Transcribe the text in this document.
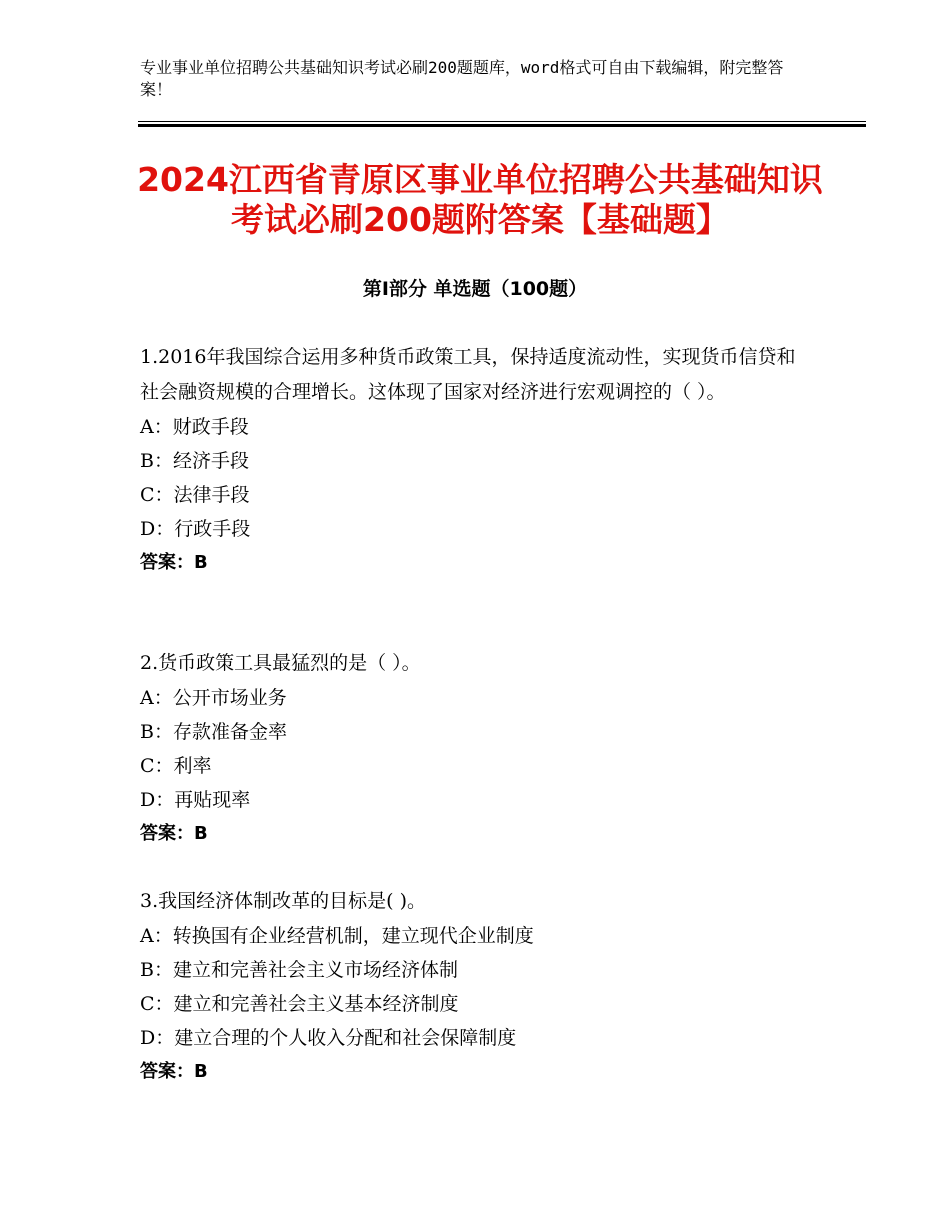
专业事业单位招聘公共基础知识考试必刷200题题库，word格式可自由下载编辑，附完整答案！
2024江西省青原区事业单位招聘公共基础知识考试必刷200题附答案【基础题】
第Ⅰ部分 单选题（100题）

1.2016年我国综合运用多种货币政策工具，保持适度流动性，实现货币信贷和社会融资规模的合理增长。这体现了国家对经济进行宏观调控的（ ）。

A：财政手段

B：经济手段

C：法律手段

D：行政手段

答案：B

2.货币政策工具最猛烈的是（ ）。

A：公开市场业务

B：存款准备金率

C：利率

D：再贴现率

答案：B

3.我国经济体制改革的目标是( )。

A：转换国有企业经营机制，建立现代企业制度

B：建立和完善社会主义市场经济体制

C：建立和完善社会主义基本经济制度

D：建立合理的个人收入分配和社会保障制度

答案：B
